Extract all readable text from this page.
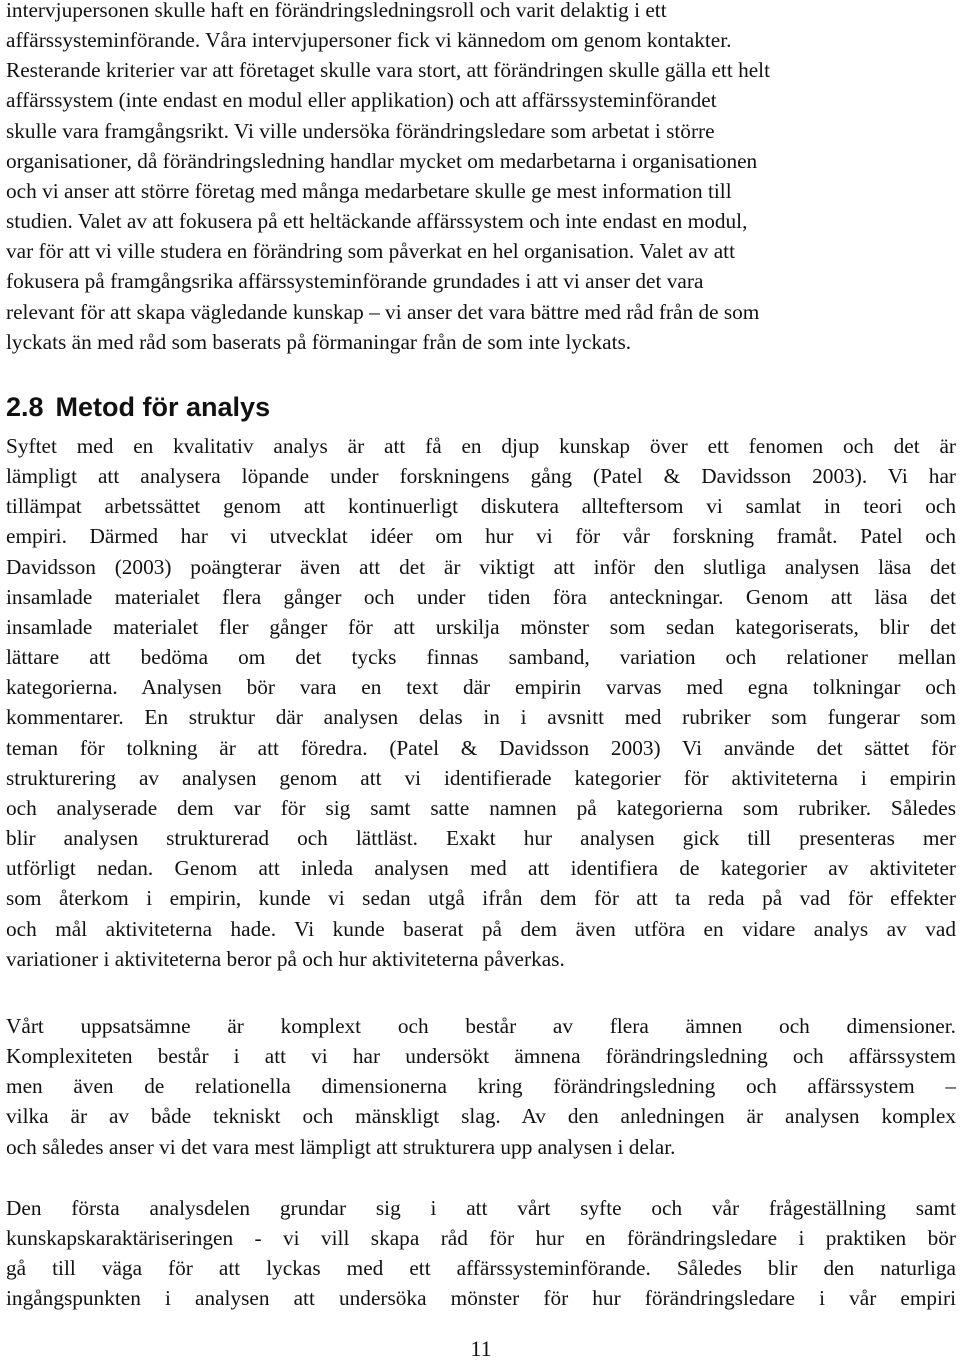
intervjupersonen skulle haft en förändringsledningsroll och varit delaktig i ett
affärssysteminförande. Våra intervjupersoner fick vi kännedom om genom kontakter.
Resterande kriterier var att företaget skulle vara stort, att förändringen skulle gälla ett helt
affärssystem (inte endast en modul eller applikation) och att affärssysteminförandet
skulle vara framgångsrikt. Vi ville undersöka förändringsledare som arbetat i större
organisationer, då förändringsledning handlar mycket om medarbetarna i organisationen
och vi anser att större företag med många medarbetare skulle ge mest information till
studien. Valet av att fokusera på ett heltäckande affärssystem och inte endast en modul,
var för att vi ville studera en förändring som påverkat en hel organisation. Valet av att
fokusera på framgångsrika affärssysteminförande grundades i att vi anser det vara
relevant för att skapa vägledande kunskap – vi anser det vara bättre med råd från de som
lyckats än med råd som baserats på förmaningar från de som inte lyckats.

2.8 Metod för analys

Syftet med en kvalitativ analys är att få en djup kunskap över ett fenomen och det är
lämpligt att analysera löpande under forskningens gång (Patel & Davidsson 2003). Vi har
tillämpat arbetssättet genom att kontinuerligt diskutera allteftersom vi samlat in teori och
empiri. Därmed har vi utvecklat idéer om hur vi för vår forskning framåt. Patel och
Davidsson (2003) poängterar även att det är viktigt att inför den slutliga analysen läsa det
insamlade materialet flera gånger och under tiden föra anteckningar. Genom att läsa det
insamlade materialet fler gånger för att urskilja mönster som sedan kategoriserats, blir det
lättare att bedöma om det tycks finnas samband, variation och relationer mellan
kategorierna. Analysen bör vara en text där empirin varvas med egna tolkningar och
kommentarer. En struktur där analysen delas in i avsnitt med rubriker som fungerar som
teman för tolkning är att föredra. (Patel & Davidsson 2003) Vi använde det sättet för
strukturering av analysen genom att vi identifierade kategorier för aktiviteterna i empirin
och analyserade dem var för sig samt satte namnen på kategorierna som rubriker. Således
blir analysen strukturerad och lättläst. Exakt hur analysen gick till presenteras mer
utförligt nedan. Genom att inleda analysen med att identifiera de kategorier av aktiviteter
som återkom i empirin, kunde vi sedan utgå ifrån dem för att ta reda på vad för effekter
och mål aktiviteterna hade. Vi kunde baserat på dem även utföra en vidare analys av vad
variationer i aktiviteterna beror på och hur aktiviteterna påverkas.

Vårt uppsatsämne är komplext och består av flera ämnen och dimensioner.
Komplexiteten består i att vi har undersökt ämnena förändringsledning och affärssystem
men även de relationella dimensionerna kring förändringsledning och affärssystem –
vilka är av både tekniskt och mänskligt slag. Av den anledningen är analysen komplex
och således anser vi det vara mest lämpligt att strukturera upp analysen i delar.

Den första analysdelen grundar sig i att vårt syfte och vår frågeställning samt
kunskapskaraktäriseringen - vi vill skapa råd för hur en förändringsledare i praktiken bör
gå till väga för att lyckas med ett affärssysteminförande. Således blir den naturliga
ingångspunkten i analysen att undersöka mönster för hur förändringsledare i vår empiri

11
